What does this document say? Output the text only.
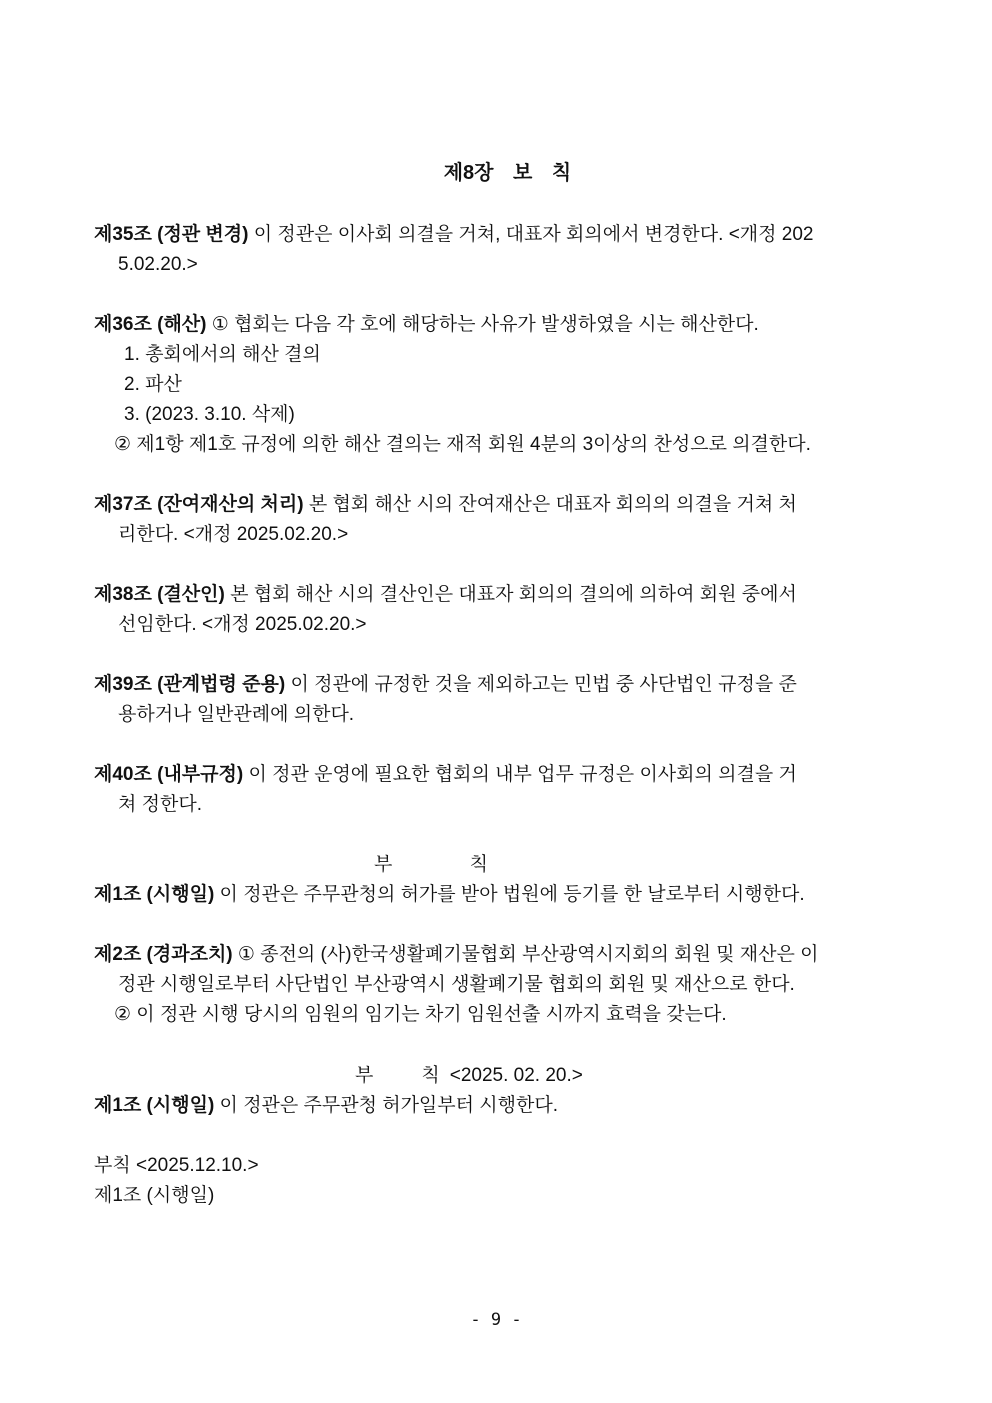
제8장 보 칙
제35조 (정관 변경) 이 정관은 이사회 의결을 거쳐, 대표자 회의에서 변경한다. <개정 202
5.02.20.>
제36조 (해산) ① 협회는 다음 각 호에 해당하는 사유가 발생하였을 시는 해산한다.
1. 총회에서의 해산 결의
2. 파산
3. (2023. 3.10. 삭제)
② 제1항 제1호 규정에 의한 해산 결의는 재적 회원 4분의 3이상의 찬성으로 의결한다.
제37조 (잔여재산의 처리) 본 협회 해산 시의 잔여재산은 대표자 회의의 의결을 거쳐 처
리한다. <개정 2025.02.20.>
제38조 (결산인) 본 협회 해산 시의 결산인은 대표자 회의의 결의에 의하여 회원 중에서
선임한다. <개정 2025.02.20.>
제39조 (관계법령 준용) 이 정관에 규정한 것을 제외하고는 민법 중 사단법인 규정을 준
용하거나 일반관례에 의한다.
제40조 (내부규정) 이 정관 운영에 필요한 협회의 내부 업무 규정은 이사회의 의결을 거
쳐 정한다.
부 칙
제1조 (시행일) 이 정관은 주무관청의 허가를 받아 법원에 등기를 한 날로부터 시행한다.
제2조 (경과조치) ① 종전의 (사)한국생활폐기물협회 부산광역시지회의 회원 및 재산은 이
정관 시행일로부터 사단법인 부산광역시 생활폐기물 협회의 회원 및 재산으로 한다.
② 이 정관 시행 당시의 임원의 임기는 차기 임원선출 시까지 효력을 갖는다.
부	칙 <2025. 02. 20.>
제1조 (시행일) 이 정관은 주무관청 허가일부터 시행한다.
부칙 <2025.12.10.>
제1조 (시행일)
- 9 -
